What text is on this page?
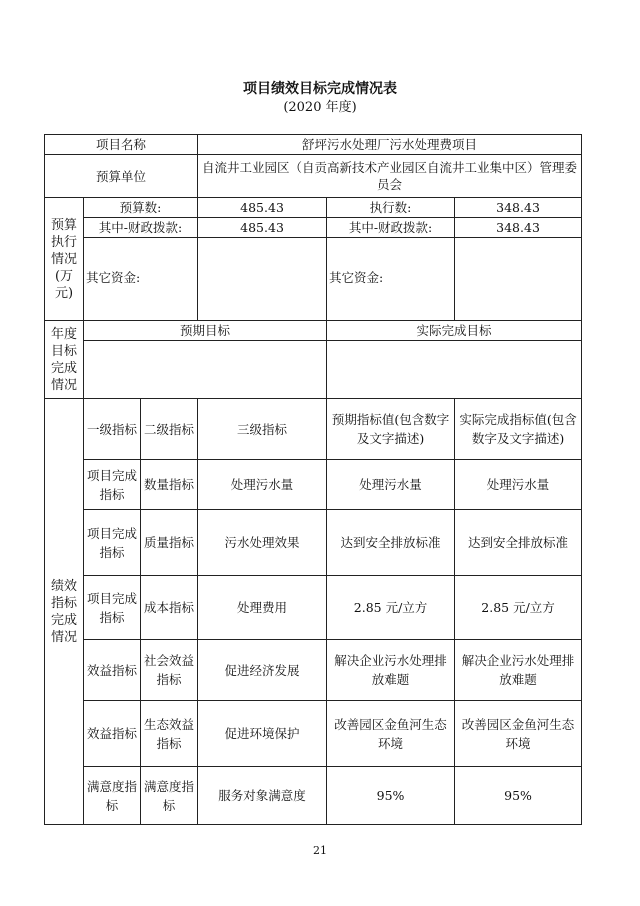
项目绩效目标完成情况表
(2020 年度)
项目名称			舒坪污水处理厂污水处理费项目		
预算单位			自流井工业园区（自贡高新技术产业园区自流井工业集中区）管理委员会		
预算执行情况(万元)	预算数:		485.43	执行数:	348.43
	其中-财政拨款:		485.43	其中-财政拨款:	348.43
	其它资金:			其它资金:	
年度目标完成情况	预期目标			实际完成目标	

绩效指标完成情况	一级指标	二级指标	三级指标	预期指标值(包含数字及文字描述)	实际完成指标值(包含数字及文字描述)
	项目完成指标	数量指标	处理污水量	处理污水量	处理污水量
	项目完成指标	质量指标	污水处理效果	达到安全排放标准	达到安全排放标准
	项目完成指标	成本指标	处理费用	2.85 元/立方	2.85 元/立方
	效益指标	社会效益指标	促进经济发展	解决企业污水处理排放难题	解决企业污水处理排放难题
	效益指标	生态效益指标	促进环境保护	改善园区金鱼河生态环境	改善园区金鱼河生态环境
	满意度指标	满意度指标	服务对象满意度	95%	95%
21
